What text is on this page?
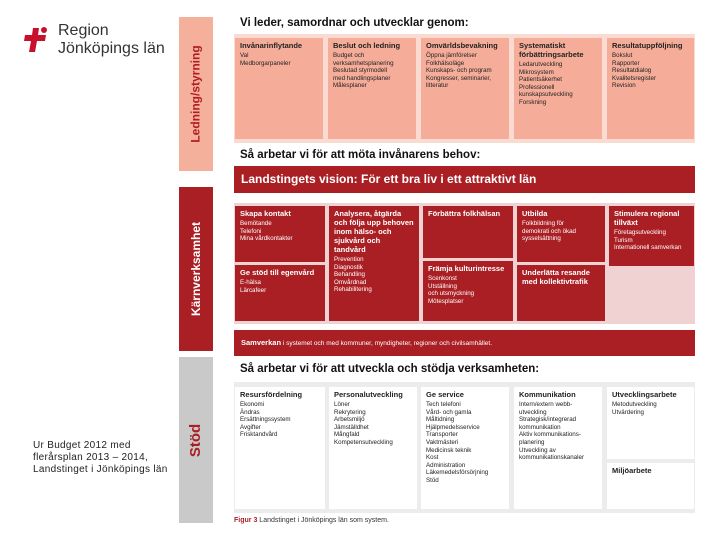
Region
Jönköpings län
Ur Budget 2012 med flerårsplan 2013 – 2014, Landstinget i Jönköpings län
Ledning/styrning
Kärnverksamhet
Stöd
Vi leder, samordnar och utvecklar genom:
Så arbetar vi för att möta invånarens behov:
Så arbetar vi för att utveckla och stödja verksamheten:
Invånarinflytande
Val
Medborgarpaneler
Beslut och ledning
Budget och
verksamhetsplanering
Beslutad styrmodell
med handlingsplaner
Målesplaner
Omvärldsbevakning
Öppna jämförelser
Folkhälsoläge
Kunskaps- och program
Kongresser, seminarier,
litteratur
Systematiskt förbättringsarbete
Ledarutveckling
Mikrosystem
Patientsäkerhet
Professionell
kunskapsutveckling
Forskning
Resultatuppföljning
Bokslut
Rapporter
Resultatdialog
Kvalitetsregister
Revision
Landstingets vision: För ett bra liv i ett attraktivt län
Skapa kontakt
Bemötande
Telefoni
Mina vårdkontakter
Ge stöd till egenvård
E-hälsa
Lärcafeer
Analysera, åtgärda och följa upp behoven inom hälso- och sjukvård och tandvård
Prevention
Diagnostik
Behandling
Omvårdnad
Rehabilitering
Förbättra folkhälsan
Främja kulturintresse
Scenkonst
Utställning
och utsmyckning
Mötesplatser
Utbilda
Folkbildning för
demokrati och ökad
sysselsättning
Underlätta resande med kollektivtrafik
Stimulera regional tillväxt
Företagsutveckling
Turism
Internationell samverkan
Samverkan i systemet och med kommuner, myndigheter, regioner och civilsamhället.
Resursfördelning
Ekonomi
Ändras
Ersättningssystem
Avgifter
Frisktandvård
Personalutveckling
Löner
Rekrytering
Arbetsmiljö
Jämställdhet
Mångfald
Kompetensutveckling
Ge service
Tech telefoni
Vård- och gamla
Måltidning
Hjälpmedelsservice
Transporter
Vaktmästeri
Medicinsk teknik
Kost
Administration
Läkemedelsförsörjning
Stöd
Kommunikation
Intern/extern webb-
utveckling
Strategisk/integrerad
kommunikation
Aktiv kommunikations-
planering
Utveckling av
kommunikationskanaler
Utvecklingsarbete
Metodutveckling
Utvärdering
Miljöarbete
Figur 3 Landstinget i Jönköpings län som system.
